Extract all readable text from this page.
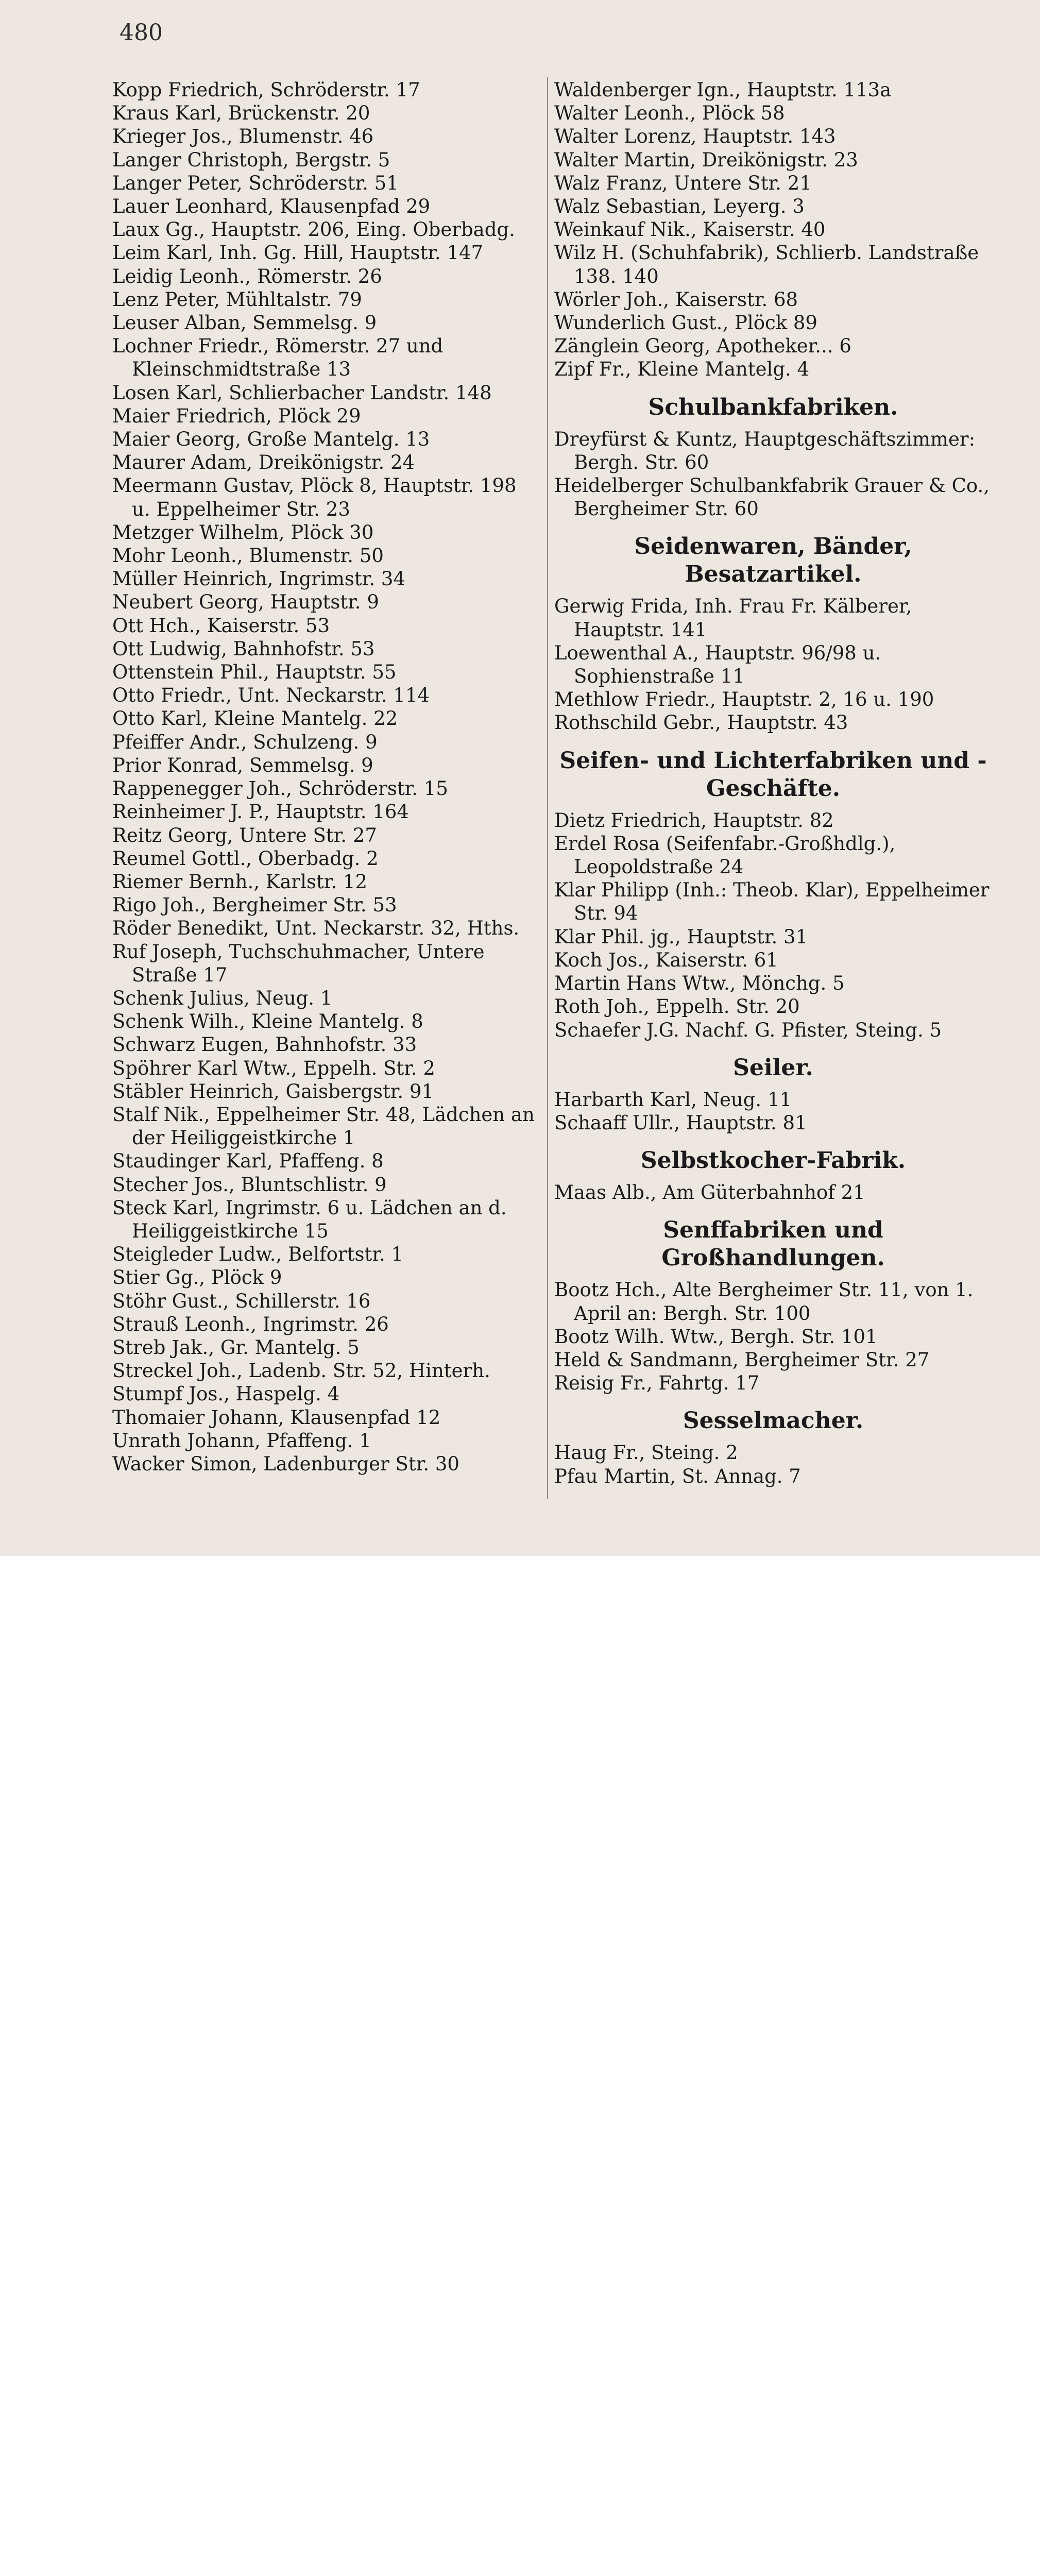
480
Kopp Friedrich, Schröderstr. 17
Kraus Karl, Brückenstr. 20
Krieger Jos., Blumenstr. 46
Langer Christoph, Bergstr. 5
Langer Peter, Schröderstr. 51
Lauer Leonhard, Klausenpfad 29
Laux Gg., Hauptstr. 206, Eing. Oberbadg.
Leim Karl, Inh. Gg. Hill, Hauptstr. 147
Leidig Leonh., Römerstr. 26
Lenz Peter, Mühltalstr. 79
Leuser Alban, Semmelsg. 9
Lochner Friedr., Römerstr. 27 und Kleinschmidtstraße 13
Losen Karl, Schlierbacher Landstr. 148
Maier Friedrich, Plöck 29
Maier Georg, Große Mantelg. 13
Maurer Adam, Dreikönigstr. 24
Meermann Gustav, Plöck 8, Hauptstr. 198 u. Eppelheimer Str. 23
Metzger Wilhelm, Plöck 30
Mohr Leonh., Blumenstr. 50
Müller Heinrich, Ingrimstr. 34
Neubert Georg, Hauptstr. 9
Ott Hch., Kaiserstr. 53
Ott Ludwig, Bahnhofstr. 53
Ottenstein Phil., Hauptstr. 55
Otto Friedr., Unt. Neckarstr. 114
Otto Karl, Kleine Mantelg. 22
Pfeiffer Andr., Schulzeng. 9
Prior Konrad, Semmelsg. 9
Rappenegger Joh., Schröderstr. 15
Reinheimer J. P., Hauptstr. 164
Reitz Georg, Untere Str. 27
Reumel Gottl., Oberbadg. 2
Riemer Bernh., Karlstr. 12
Rigo Joh., Bergheimer Str. 53
Röder Benedikt, Unt. Neckarstr. 32, Hths.
Ruf Joseph, Tuchschuhmacher, Untere Straße 17
Schenk Julius, Neug. 1
Schenk Wilh., Kleine Mantelg. 8
Schwarz Eugen, Bahnhofstr. 33
Spöhrer Karl Wtw., Eppelh. Str. 2
Stäbler Heinrich, Gaisbergstr. 91
Stalf Nik., Eppelheimer Str. 48, Lädchen an der Heiliggeistkirche 1
Staudinger Karl, Pfaffeng. 8
Stecher Jos., Bluntschlistr. 9
Steck Karl, Ingrimstr. 6 u. Lädchen an d. Heiliggeistkirche 15
Steigleder Ludw., Belfortstr. 1
Stier Gg., Plöck 9
Stöhr Gust., Schillerstr. 16
Strauß Leonh., Ingrimstr. 26
Streb Jak., Gr. Mantelg. 5
Streckel Joh., Ladenb. Str. 52, Hinterh.
Stumpf Jos., Haspelg. 4
Thomaier Johann, Klausenpfad 12
Unrath Johann, Pfaffeng. 1
Wacker Simon, Ladenburger Str. 30
Waldenberger Ign., Hauptstr. 113a
Walter Leonh., Plöck 58
Walter Lorenz, Hauptstr. 143
Walter Martin, Dreikönigstr. 23
Walz Franz, Untere Str. 21
Walz Sebastian, Leyerg. 3
Weinkauf Nik., Kaiserstr. 40
Wilz H. (Schuhfabrik), Schlierb. Landstraße 138. 140
Wörler Joh., Kaiserstr. 68
Wunderlich Gust., Plöck 89
Zänglein Georg, Apotheker... 6
Zipf Fr., Kleine Mantelg. 4
Schulbankfabriken.
Dreyfürst & Kuntz, Hauptgeschäftszimmer: Bergh. Str. 60
Heidelberger Schulbankfabrik Grauer & Co., Bergheimer Str. 60
Seidenwaren, Bänder, Besatzartikel.
Gerwig Frida, Inh. Frau Fr. Kälberer, Hauptstr. 141
Loewenthal A., Hauptstr. 96/98 u. Sophienstraße 11
Methlow Friedr., Hauptstr. 2, 16 u. 190
Rothschild Gebr., Hauptstr. 43
Seifen- und Lichterfabriken und -Geschäfte.
Dietz Friedrich, Hauptstr. 82
Erdel Rosa (Seifenfabr.-Großhdlg.), Leopoldstraße 24
Klar Philipp (Inh.: Theob. Klar), Eppelheimer Str. 94
Klar Phil. jg., Hauptstr. 31
Koch Jos., Kaiserstr. 61
Martin Hans Wtw., Mönchg. 5
Roth Joh., Eppelh. Str. 20
Schaefer J.G. Nachf. G. Pfister, Steing. 5
Seiler.
Harbarth Karl, Neug. 11
Schaaff Ullr., Hauptstr. 81
Selbstkocher-Fabrik.
Maas Alb., Am Güterbahnhof 21
Senffabriken und Großhandlungen.
Bootz Hch., Alte Bergheimer Str. 11, von 1. April an: Bergh. Str. 100
Bootz Wilh. Wtw., Bergh. Str. 101
Held & Sandmann, Bergheimer Str. 27
Reisig Fr., Fahrtg. 17
Sesselmacher.
Haug Fr., Steing. 2
Pfau Martin, St. Annag. 7
